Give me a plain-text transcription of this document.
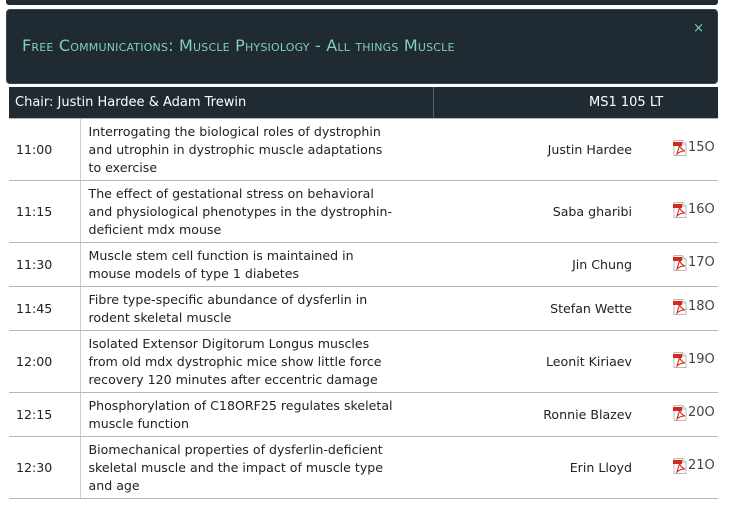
Free Communications: Muscle Physiology - All things Muscle
×
Chair: Justin Hardee & Adam Trewin	MS1 105 LT
11:00	Interrogating the biological roles of dystrophin
and utrophin in dystrophic muscle adaptations
to exercise	Justin Hardee	15O

11:15	The effect of gestational stress on behavioral
and physiological phenotypes in the dystrophin-
deficient mdx mouse	Saba gharibi	16O

11:30	Muscle stem cell function is maintained in
mouse models of type 1 diabetes	Jin Chung	17O

11:45	Fibre type-specific abundance of dysferlin in
rodent skeletal muscle	Stefan Wette	18O

12:00	Isolated Extensor Digitorum Longus muscles
from old mdx dystrophic mice show little force
recovery 120 minutes after eccentric damage	Leonit Kiriaev	19O

12:15	Phosphorylation of C18ORF25 regulates skeletal
muscle function	Ronnie Blazev	20O

12:30	Biomechanical properties of dysferlin-deficient
skeletal muscle and the impact of muscle type
and age	Erin Lloyd	21O
